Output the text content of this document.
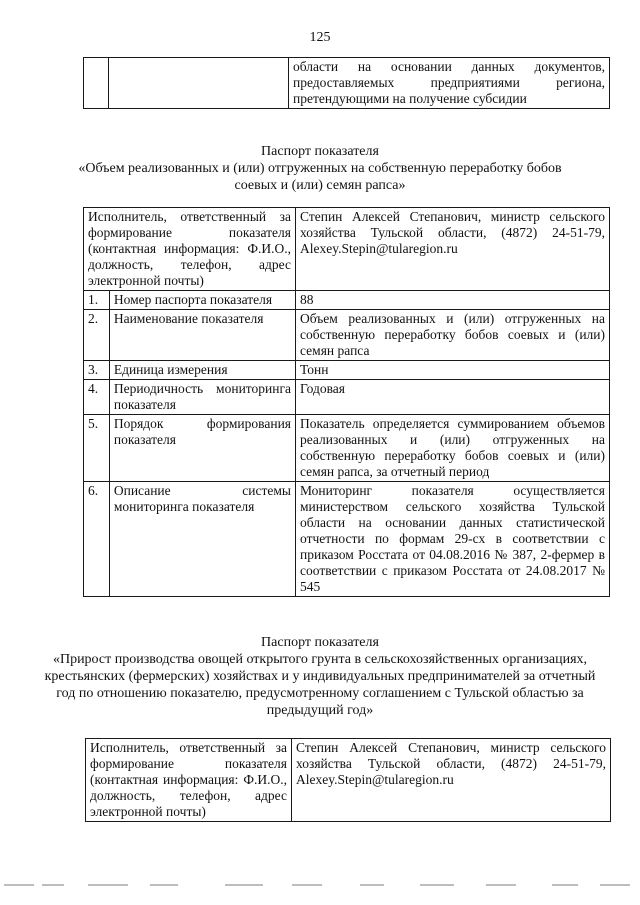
125
		области на основании данных документов, предоставляемых предприятиями региона, претендующими на получение субсидии
Паспорт показателя
«Объем реализованных и (или) отгруженных на собственную переработку бобов соевых и (или) семян рапса»
Исполнитель, ответственный за формирование показателя (контактная информация: Ф.И.О., должность, телефон, адрес электронной почты)		Степин Алексей Степанович, министр сельского хозяйства Тульской области, (4872) 24-51-79, Alexey.Stepin@tularegion.ru
1.	Номер паспорта показателя	88
2.	Наименование показателя	Объем реализованных и (или) отгруженных на собственную переработку бобов соевых и (или) семян рапса
3.	Единица измерения	Тонн
4.	Периодичность мониторинга показателя	Годовая
5.	Порядок формирования показателя	Показатель определяется суммированием объемов реализованных и (или) отгруженных на собственную переработку бобов соевых и (или) семян рапса, за отчетный период
6.	Описание системы мониторинга показателя	Мониторинг показателя осуществляется министерством сельского хозяйства Тульской области на основании данных статистической отчетности по формам 29-сх в соответствии с приказом Росстата от 04.08.2016 № 387, 2-фермер в соответствии с приказом Росстата от 24.08.2017 № 545
Паспорт показателя
«Прирост производства овощей открытого грунта в сельскохозяйственных организациях, крестьянских (фермерских) хозяйствах и у индивидуальных предпринимателей за отчетный год по отношению показателю, предусмотренному соглашением с Тульской областью за предыдущий год»
Исполнитель, ответственный за формирование показателя (контактная информация: Ф.И.О., должность, телефон, адрес электронной почты)	Степин Алексей Степанович, министр сельского хозяйства Тульской области, (4872) 24-51-79, Alexey.Stepin@tularegion.ru
